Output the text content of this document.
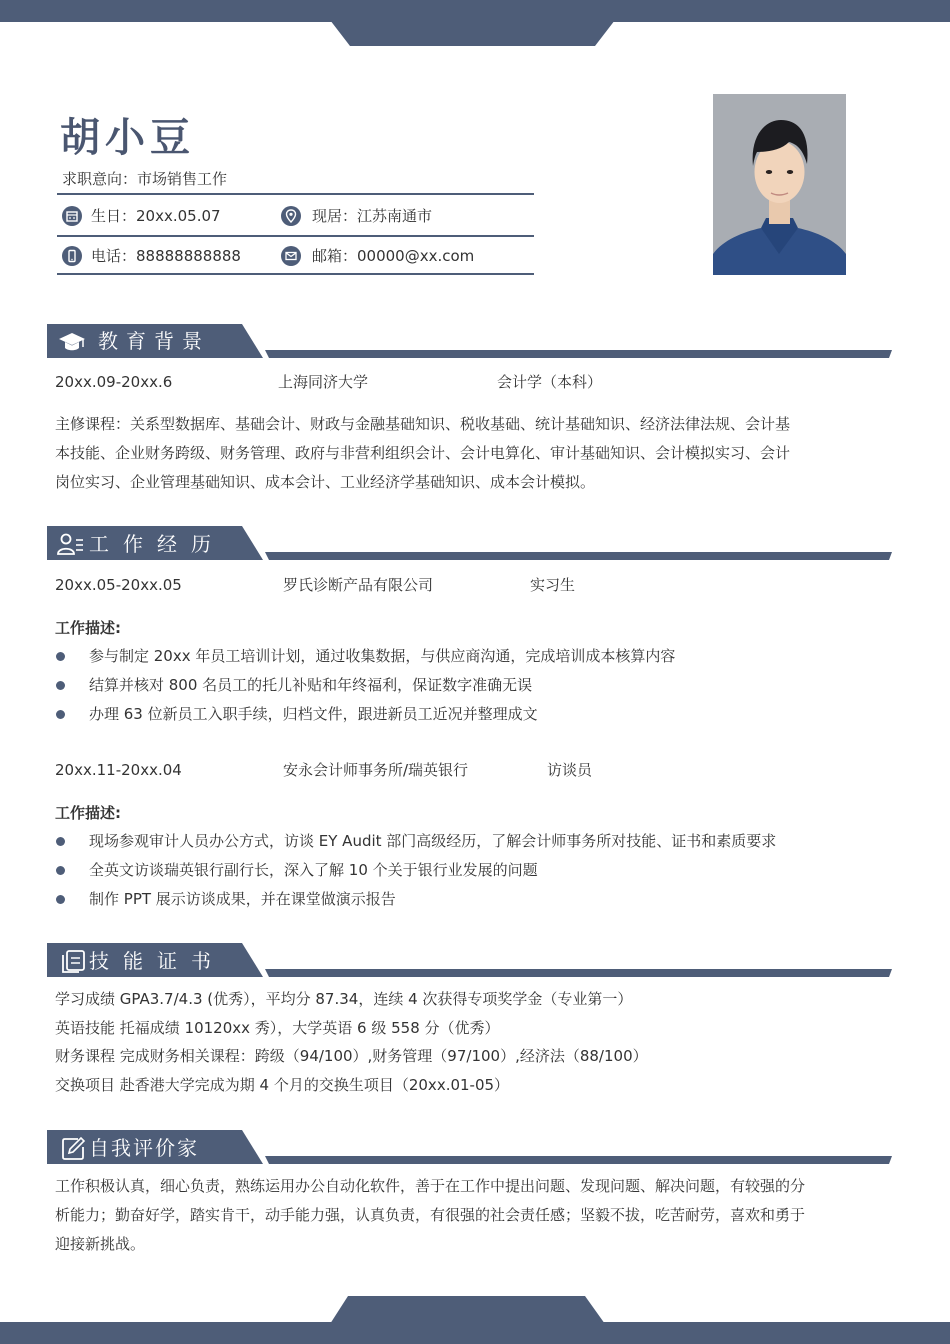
胡小豆
求职意向：市场销售工作
生日：20xx.05.07	现居：江苏南通市
电话：88888888888	邮箱：00000@xx.com
教育背景
20xx.09-20xx.6	上海同济大学	会计学（本科）
主修课程：关系型数据库、基础会计、财政与金融基础知识、税收基础、统计基础知识、经济法律法规、会计基
本技能、企业财务跨级、财务管理、政府与非营利组织会计、会计电算化、审计基础知识、会计模拟实习、会计
岗位实习、企业管理基础知识、成本会计、工业经济学基础知识、成本会计模拟。
工作经历
20xx.05-20xx.05	罗氏诊断产品有限公司	实习生
工作描述:
参与制定 20xx 年员工培训计划，通过收集数据，与供应商沟通，完成培训成本核算内容
结算并核对 800 名员工的托儿补贴和年终福利，保证数字准确无误
办理 63 位新员工入职手续，归档文件，跟进新员工近况并整理成文
20xx.11-20xx.04	安永会计师事务所/瑞英银行	访谈员
工作描述:
现场参观审计人员办公方式，访谈 EY Audit 部门高级经历，了解会计师事务所对技能、证书和素质要求
全英文访谈瑞英银行副行长，深入了解 10 个关于银行业发展的问题
制作 PPT 展示访谈成果，并在课堂做演示报告
技能证书
学习成绩 GPA3.7/4.3 (优秀），平均分 87.34，连续 4 次获得专项奖学金（专业第一）
英语技能 托福成绩 10120xx 秀），大学英语 6 级 558 分（优秀）
财务课程 完成财务相关课程：跨级（94/100）,财务管理（97/100）,经济法（88/100）
交换项目 赴香港大学完成为期 4 个月的交换生项目（20xx.01-05）
自我评价家
工作积极认真，细心负责，熟练运用办公自动化软件，善于在工作中提出问题、发现问题、解决问题，有较强的分
析能力；勤奋好学，踏实肯干，动手能力强，认真负责，有很强的社会责任感；坚毅不拔，吃苦耐劳，喜欢和勇于
迎接新挑战。
